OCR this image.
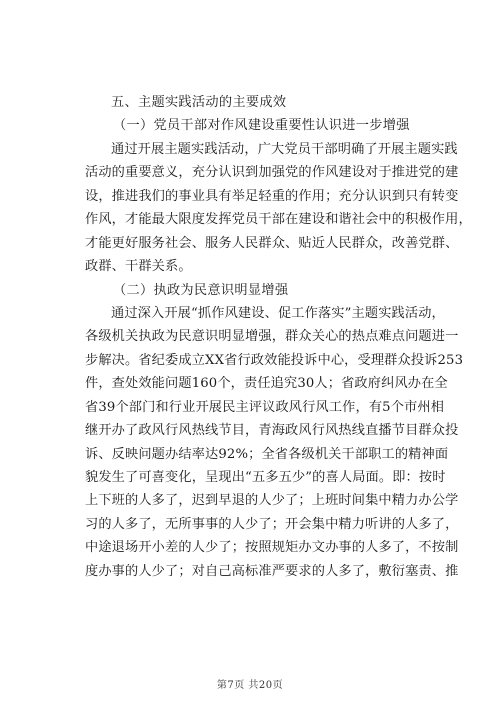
五、主题实践活动的主要成效
（一）党员干部对作风建设重要性认识进一步增强
通过开展主题实践活动，广大党员干部明确了开展主题实践
活动的重要意义，充分认识到加强党的作风建设对于推进党的建
设，推进我们的事业具有举足轻重的作用；充分认识到只有转变
作风，才能最大限度发挥党员干部在建设和谐社会中的积极作用，
才能更好服务社会、服务人民群众、贴近人民群众，改善党群、
政群、干群关系。
（二）执政为民意识明显增强
通过深入开展“抓作风建设、促工作落实”主题实践活动，
各级机关执政为民意识明显增强，群众关心的热点难点问题进一
步解决。省纪委成立XX省行政效能投诉中心，受理群众投诉253
件，查处效能问题160个，责任追究30人；省政府纠风办在全
省39个部门和行业开展民主评议政风行风工作，有5个市州相
继开办了政风行风热线节目，青海政风行风热线直播节目群众投
诉、反映问题办结率达92%；全省各级机关干部职工的精神面
貌发生了可喜变化，呈现出“五多五少”的喜人局面。即：按时
上下班的人多了，迟到早退的人少了；上班时间集中精力办公学
习的人多了，无所事事的人少了；开会集中精力听讲的人多了，
中途退场开小差的人少了；按照规矩办文办事的人多了，不按制
度办事的人少了；对自己高标准严要求的人多了，敷衍塞责、推
第7页 共20页
